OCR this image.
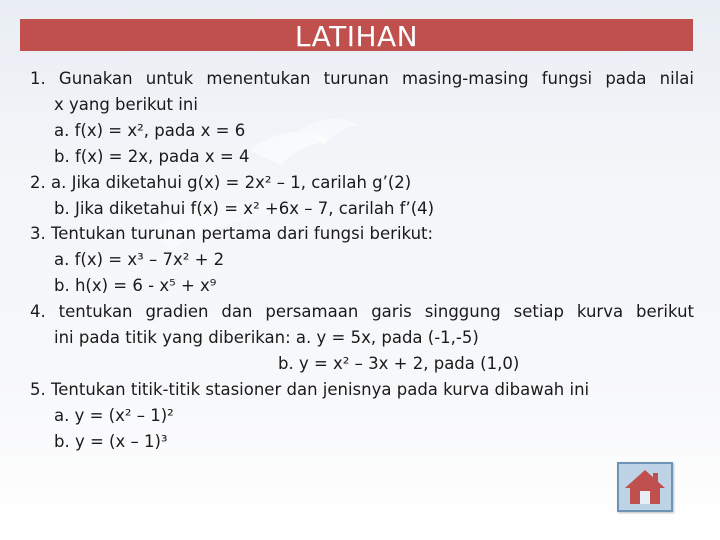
LATIHAN
1. Gunakan untuk menentukan turunan masing-masing fungsi pada nilai
x yang berikut ini
a. f(x) = x², pada x = 6
b. f(x) = 2x, pada x = 4
2. a. Jika diketahui g(x) = 2x² – 1, carilah g’(2)
b. Jika diketahui f(x) = x² +6x – 7, carilah f’(4)
3. Tentukan turunan pertama dari fungsi berikut:
a. f(x) = x³ – 7x² + 2
b. h(x) = 6 - x⁵ + x⁹
4. tentukan gradien dan persamaan garis singgung setiap kurva berikut
ini pada titik yang diberikan: a. y = 5x, pada (-1,-5)
b. y = x² – 3x + 2, pada (1,0)
5. Tentukan titik-titik stasioner dan jenisnya pada kurva dibawah ini
a. y = (x² – 1)²
b. y = (x – 1)³
